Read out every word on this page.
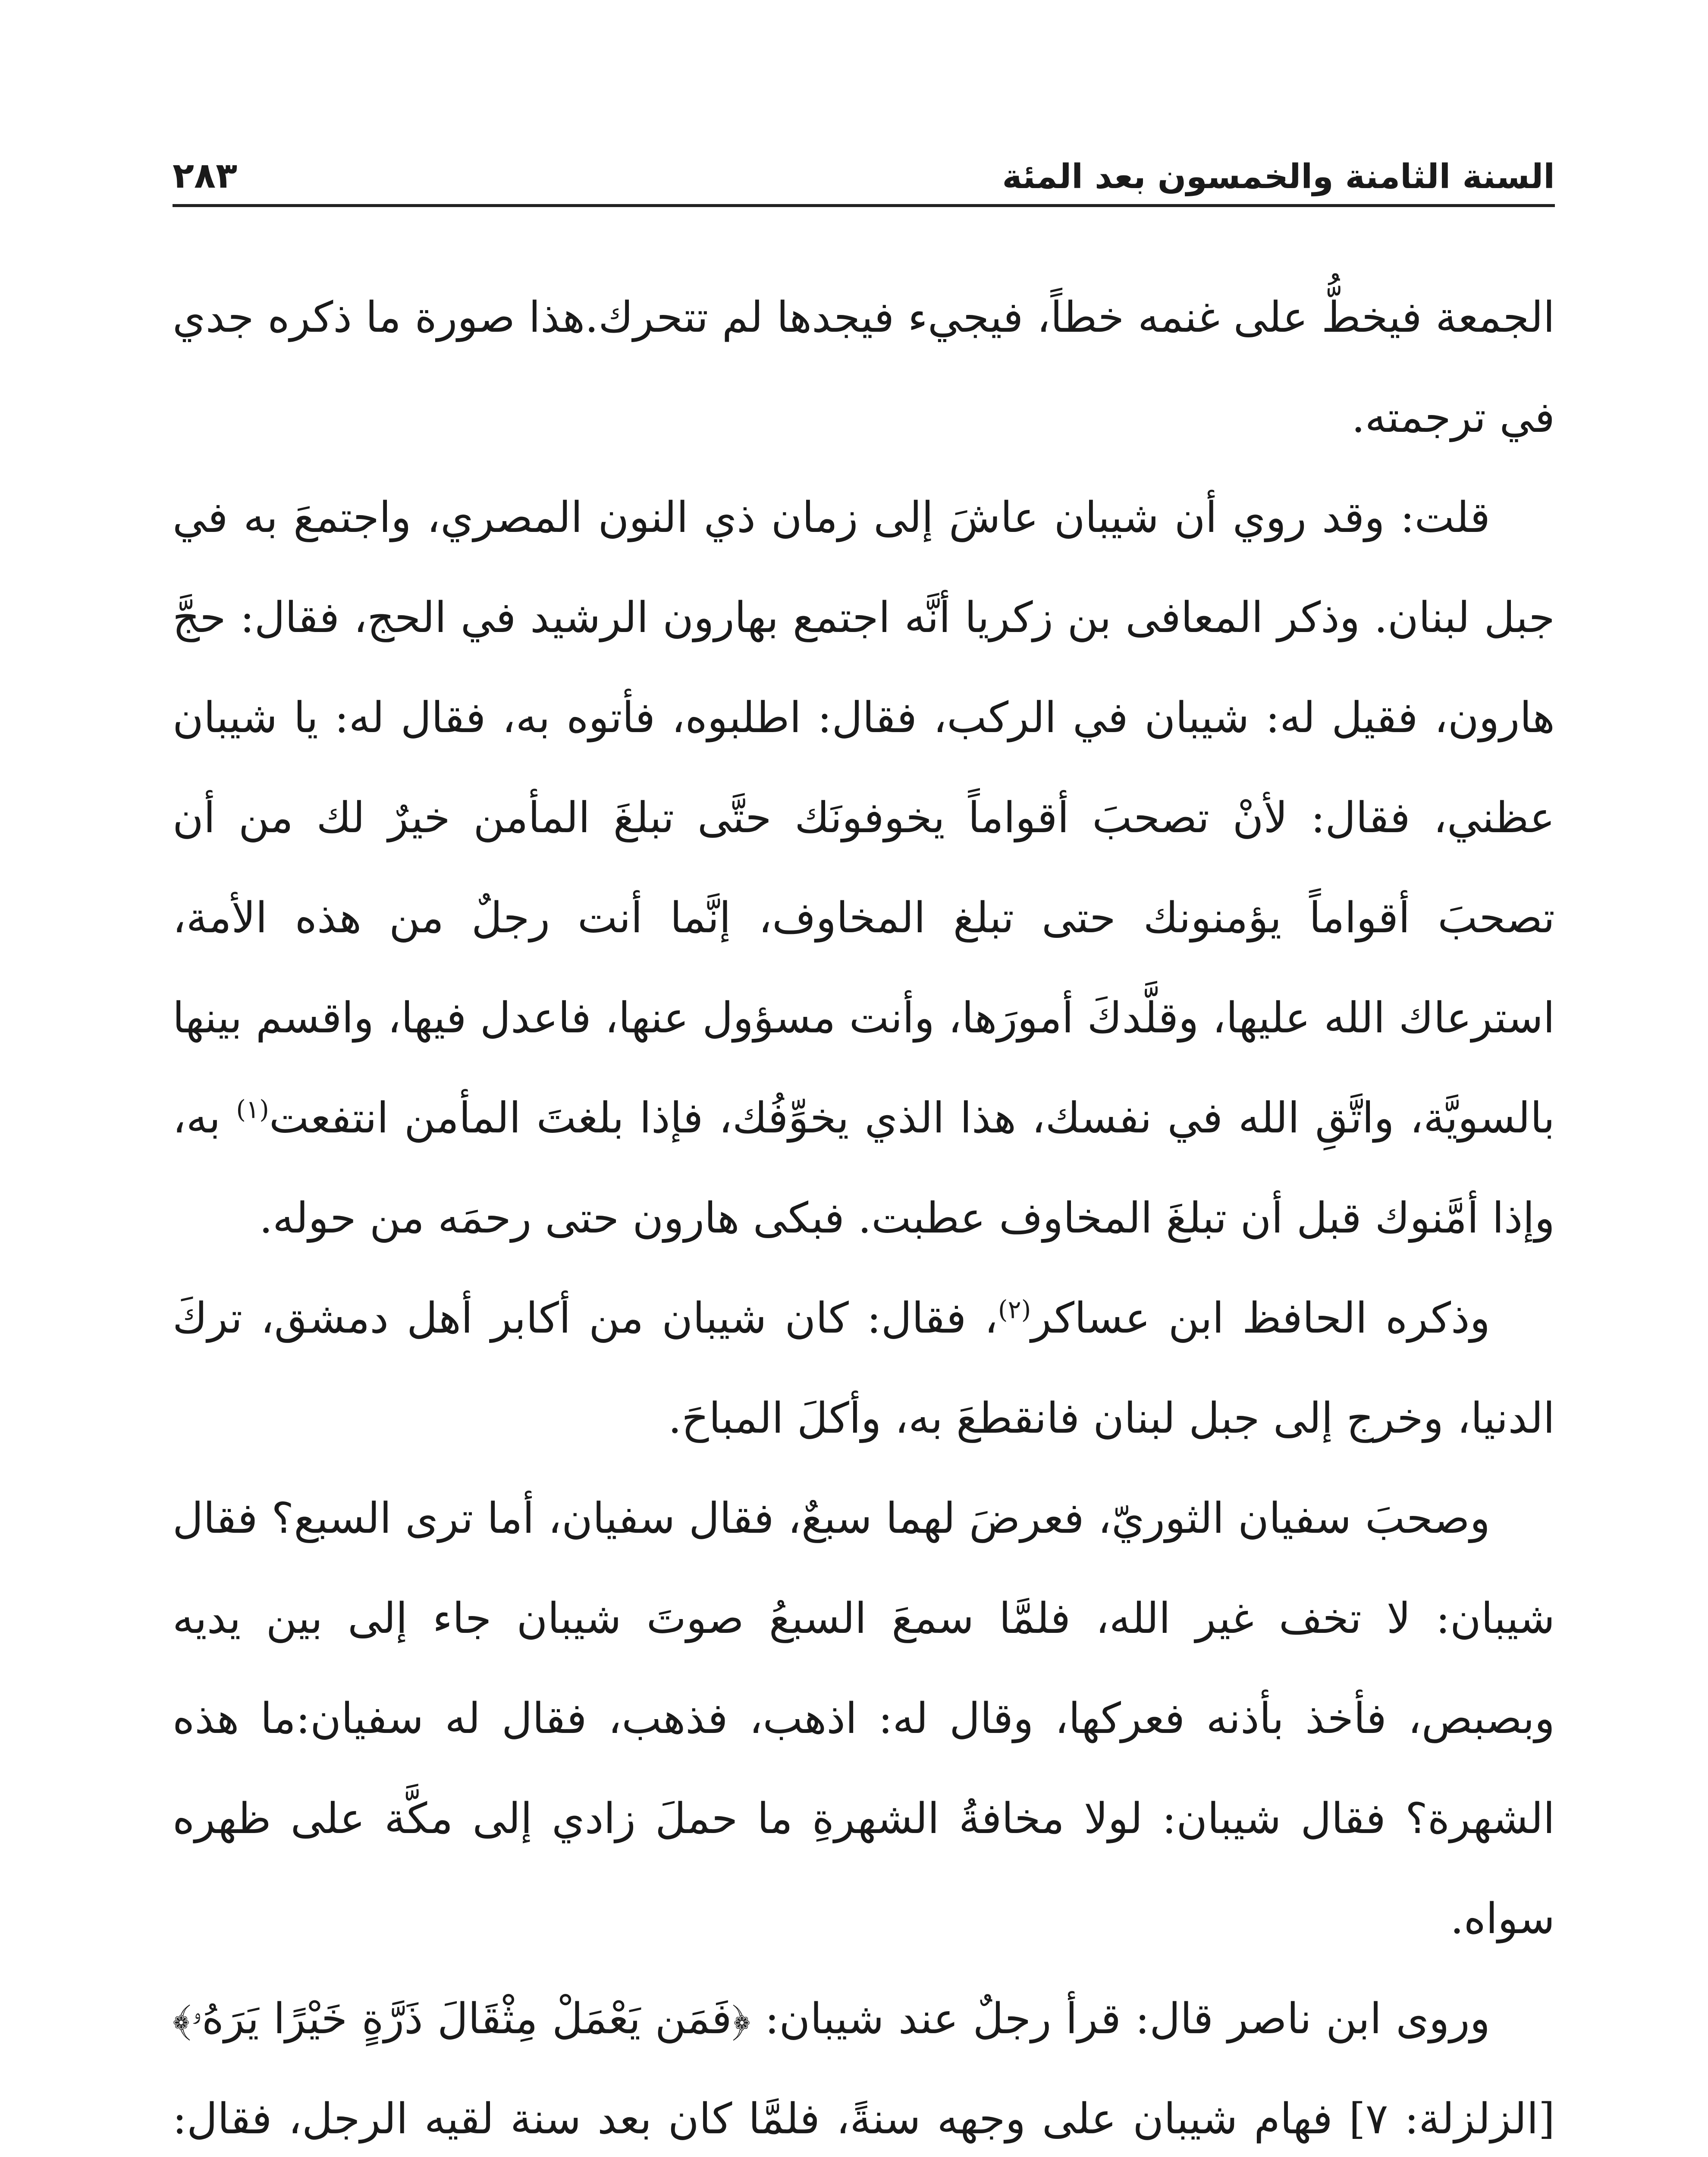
السنة الثامنة والخمسون بعد المئة
٢٨٣

الجمعة فيخطُّ على غنمه خطاً، فيجيء فيجدها لم تتحرك.هذا صورة ما ذكره جدي في ترجمته.

قلت: وقد روي أن شيبان عاشَ إلى زمان ذي النون المصري، واجتمعَ به في جبل لبنان. وذكر المعافى بن زكريا أنَّه اجتمع بهارون الرشيد في الحج، فقال: حجَّ هارون، فقيل له: شيبان في الركب، فقال: اطلبوه، فأتوه به، فقال له: يا شيبان عظني، فقال: لأنْ تصحبَ أقواماً يخوفونَك حتَّى تبلغَ المأمن خيرٌ لك من أن تصحبَ أقواماً يؤمنونك حتى تبلغ المخاوف، إنَّما أنت رجلٌ من هذه الأمة، استرعاك الله عليها، وقلَّدكَ أمورَها، وأنت مسؤول عنها، فاعدل فيها، واقسم بينها بالسويَّة، واتَّقِ الله في نفسك، هذا الذي يخوِّفُك، فإذا بلغتَ المأمن انتفعت$^{(١)}$ به، وإذا أمَّنوك قبل أن تبلغَ المخاوف عطبت. فبكى هارون حتى رحمَه من حوله.

وذكره الحافظ ابن عساكر$^{(٢)}$، فقال: كان شيبان من أكابر أهل دمشق، تركَ الدنيا، وخرج إلى جبل لبنان فانقطعَ به، وأكلَ المباحَ.

وصحبَ سفيان الثوريّ، فعرضَ لهما سبعٌ، فقال سفيان، أما ترى السبع؟ فقال شيبان: لا تخف غير الله، فلمَّا سمعَ السبعُ صوتَ شيبان جاء إلى بين يديه وبصبص، فأخذ بأذنه فعركها، وقال له: اذهب، فذهب، فقال له سفيان:ما هذه الشهرة؟ فقال شيبان: لولا مخافةُ الشهرةِ ما حملَ زادي إلى مكَّة على ظهره سواه.

وروى ابن ناصر قال: قرأ رجلٌ عند شيبان: ﴿فَمَن يَعْمَلْ مِثْقَالَ ذَرَّةٍ خَيْرًا يَرَهُۥ﴾ [الزلزلة: ٧] فهام شيبان على وجهه سنةً، فلمَّا كان بعد سنة لقيه الرجل، فقال:
